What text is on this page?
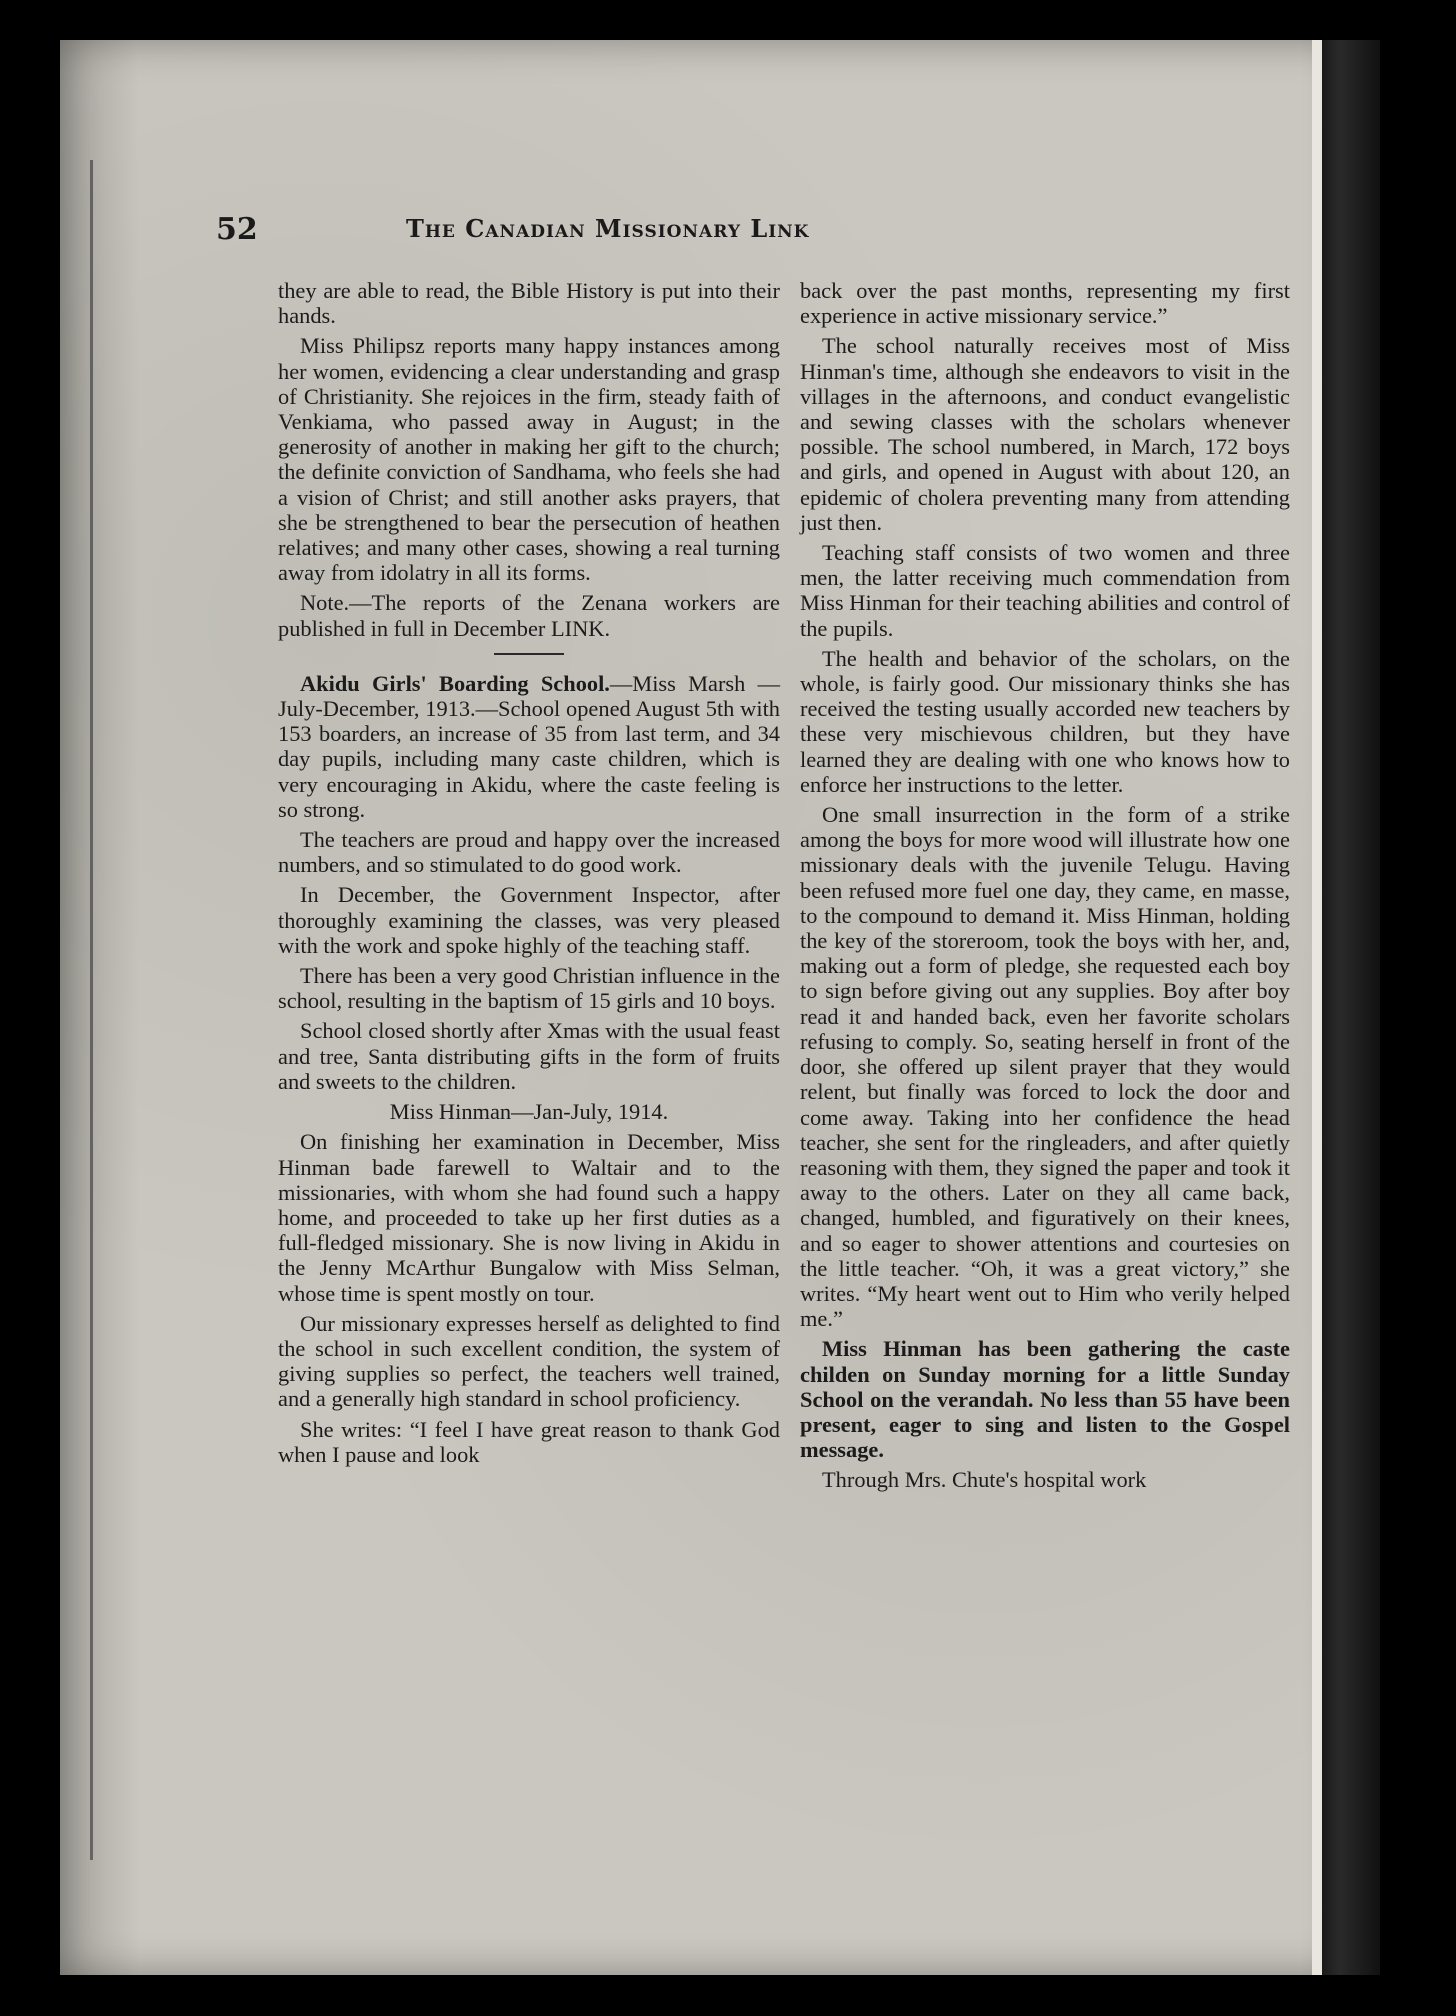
52	The Canadian Missionary Link

they are able to read, the Bible History is put into their hands.

Miss Philipsz reports many happy instances among her women, evidencing a clear understanding and grasp of Christianity. She rejoices in the firm, steady faith of Venkiama, who passed away in August; in the generosity of another in making her gift to the church; the definite conviction of Sandhama, who feels she had a vision of Christ; and still another asks prayers, that she be strengthened to bear the persecution of heathen relatives; and many other cases, showing a real turning away from idolatry in all its forms.

Note.—The reports of the Zenana workers are published in full in December LINK.

Akidu Girls' Boarding School.—Miss Marsh — July-December, 1913.—School opened August 5th with 153 boarders, an increase of 35 from last term, and 34 day pupils, including many caste children, which is very encouraging in Akidu, where the caste feeling is so strong.

The teachers are proud and happy over the increased numbers, and so stimulated to do good work.

In December, the Government Inspector, after thoroughly examining the classes, was very pleased with the work and spoke highly of the teaching staff.

There has been a very good Christian influence in the school, resulting in the baptism of 15 girls and 10 boys.

School closed shortly after Xmas with the usual feast and tree, Santa distributing gifts in the form of fruits and sweets to the children.

Miss Hinman—Jan-July, 1914.

On finishing her examination in December, Miss Hinman bade farewell to Waltair and to the missionaries, with whom she had found such a happy home, and proceeded to take up her first duties as a full-fledged missionary. She is now living in Akidu in the Jenny McArthur Bungalow with Miss Selman, whose time is spent mostly on tour.

Our missionary expresses herself as delighted to find the school in such excellent condition, the system of giving supplies so perfect, the teachers well trained, and a generally high standard in school proficiency.

She writes: “I feel I have great reason to thank God when I pause and look

back over the past months, representing my first experience in active missionary service.”

The school naturally receives most of Miss Hinman's time, although she endeavors to visit in the villages in the afternoons, and conduct evangelistic and sewing classes with the scholars whenever possible. The school numbered, in March, 172 boys and girls, and opened in August with about 120, an epidemic of cholera preventing many from attending just then.

Teaching staff consists of two women and three men, the latter receiving much commendation from Miss Hinman for their teaching abilities and control of the pupils.

The health and behavior of the scholars, on the whole, is fairly good. Our missionary thinks she has received the testing usually accorded new teachers by these very mischievous children, but they have learned they are dealing with one who knows how to enforce her instructions to the letter.

One small insurrection in the form of a strike among the boys for more wood will illustrate how one missionary deals with the juvenile Telugu. Having been refused more fuel one day, they came, en masse, to the compound to demand it. Miss Hinman, holding the key of the storeroom, took the boys with her, and, making out a form of pledge, she requested each boy to sign before giving out any supplies. Boy after boy read it and handed back, even her favorite scholars refusing to comply. So, seating herself in front of the door, she offered up silent prayer that they would relent, but finally was forced to lock the door and come away. Taking into her confidence the head teacher, she sent for the ringleaders, and after quietly reasoning with them, they signed the paper and took it away to the others. Later on they all came back, changed, humbled, and figuratively on their knees, and so eager to shower attentions and courtesies on the little teacher. “Oh, it was a great victory,” she writes. “My heart went out to Him who verily helped me.”

Miss Hinman has been gathering the caste childen on Sunday morning for a little Sunday School on the verandah. No less than 55 have been present, eager to sing and listen to the Gospel message.

Through Mrs. Chute's hospital work
